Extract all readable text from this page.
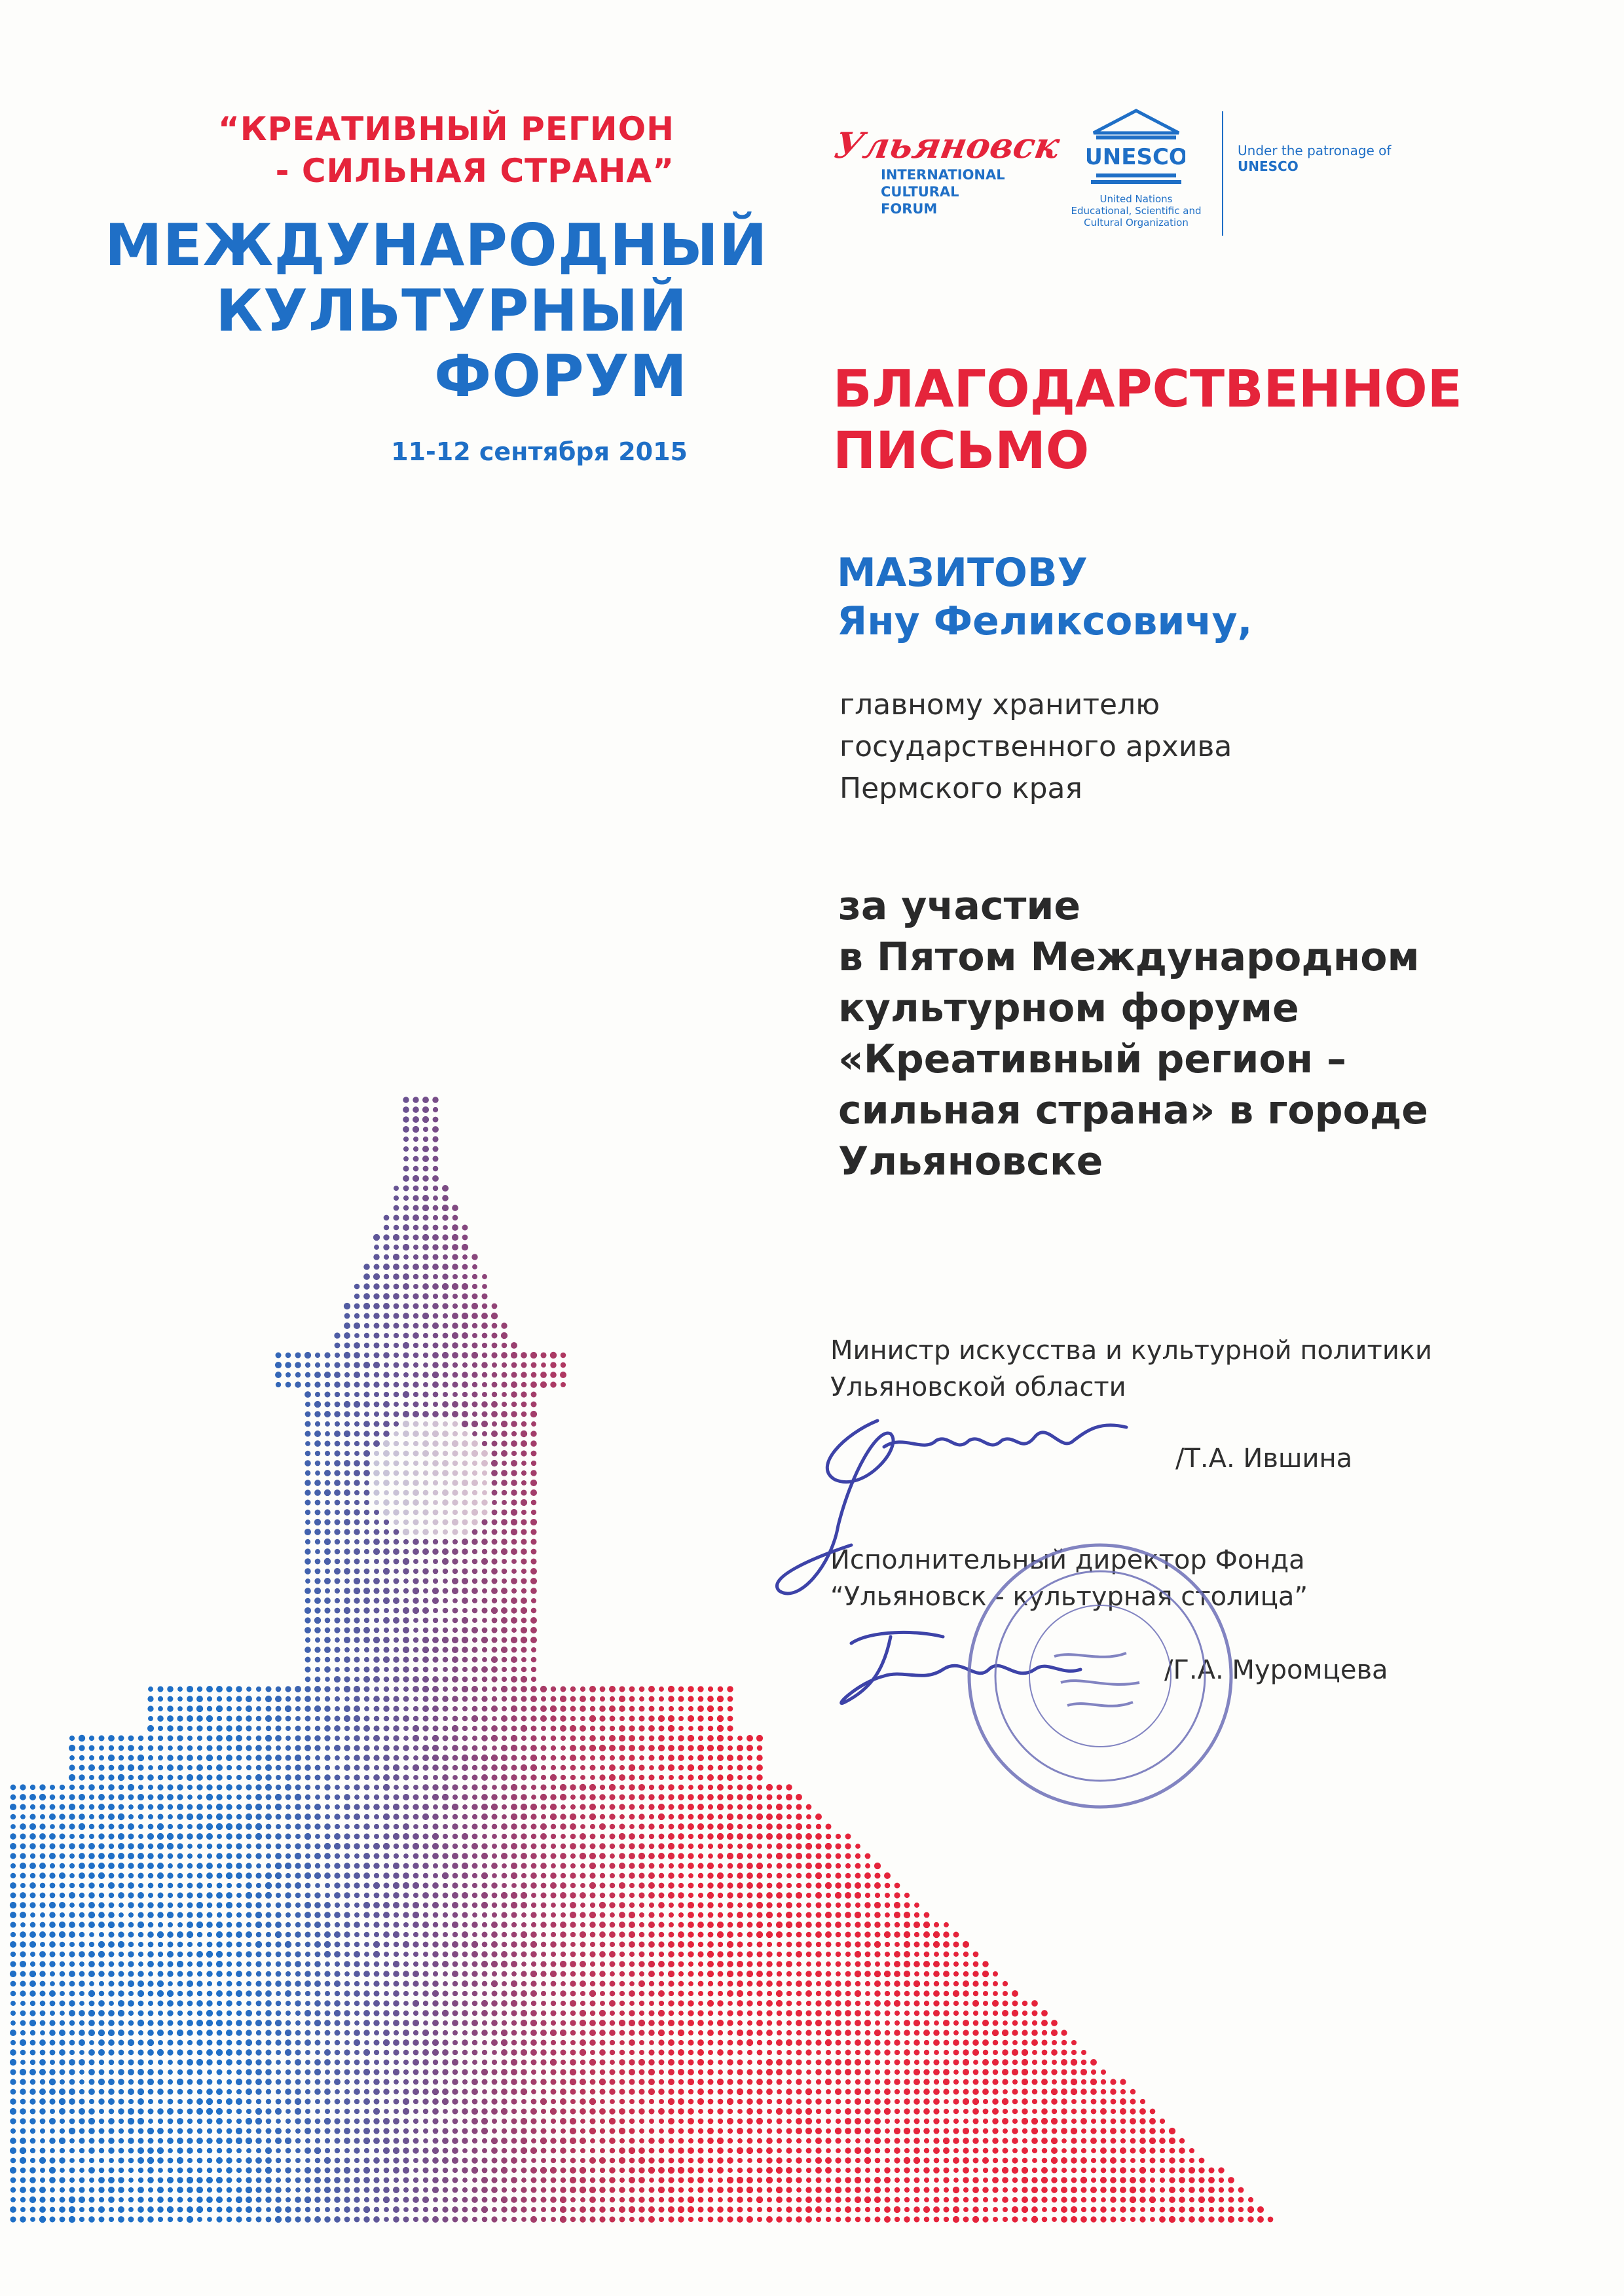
“КРЕАТИВНЫЙ РЕГИОН
- СИЛЬНАЯ СТРАНА”
МЕЖДУНАРОДНЫЙ
КУЛЬТУРНЫЙ
ФОРУМ
11-12 сентября 2015
Ульяновск
INTERNATIONAL
CULTURAL
FORUM
UNESCO
United Nations
Educational, Scientific and
Cultural Organization
Under the patronage of
UNESCO
БЛАГОДАРСТВЕННОЕ
ПИСЬМО
МАЗИТОВУ
Яну Феликсовичу,
главному хранителю
государственного архива
Пермского края
за участие
в Пятом Международном
культурном форуме
«Креативный регион –
сильная страна» в городе
Ульяновске
Министр искусства и культурной политики
Ульяновской области
/Т.А. Ившина
Исполнительный директор Фонда
“Ульяновск - культурная столица”
/Г.А. Муромцева
